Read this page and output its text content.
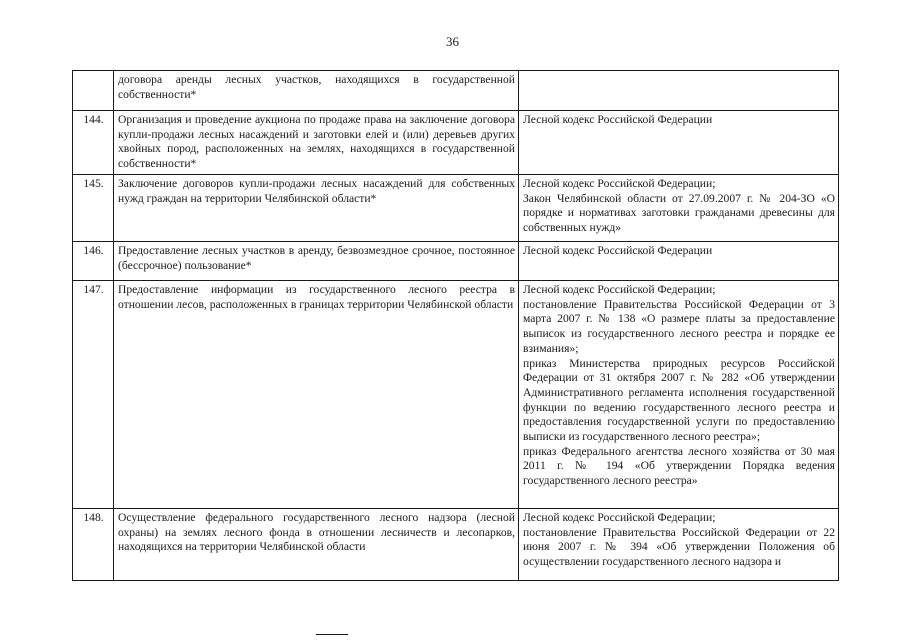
36
	договора аренды лесных участков, находящихся в государственной собственности*	
144.	Организация и проведение аукциона по продаже права на заключение договора купли-продажи лесных насаждений и заготовки елей и (или) деревьев других хвойных пород, расположенных на землях, находящихся в государственной собственности*	Лесной кодекс Российской Федерации

145.	Заключение договоров купли-продажи лесных насаждений для собственных нужд граждан на территории Челябинской области*	Лесной кодекс Российской Федерации;
Закон Челябинской области от 27.09.2007 г. № 204-ЗО «О порядке и нормативах заготовки гражданами древесины для собственных нужд»

146.	Предоставление лесных участков в аренду, безвозмездное срочное, постоянное (бессрочное) пользование*	Лесной кодекс Российской Федерации

147.	Предоставление информации из государственного лесного реестра в отношении лесов, расположенных в границах территории Челябинской области	Лесной кодекс Российской Федерации;
постановление Правительства Российской Федерации от 3 марта 2007 г. № 138 «О размере платы за предоставление выписок из государственного лесного реестра и порядке ее взимания»;
приказ Министерства природных ресурсов Российской Федерации от 31 октября 2007 г. № 282 «Об утверждении Административного регламента исполнения государственной функции по ведению государственного лесного реестра и предоставления государственной услуги по предоставлению выписки из государственного лесного реестра»;
приказ Федерального агентства лесного хозяйства от 30 мая 2011 г. № 194 «Об утверждении Порядка ведения государственного лесного реестра»

148.	Осуществление федерального государственного лесного надзора (лесной охраны) на землях лесного фонда в отношении лесничеств и лесопарков, находящихся на территории Челябинской области	Лесной кодекс Российской Федерации;
постановление Правительства Российской Федерации от 22 июня 2007 г. № 394 «Об утверждении Положения об осуществлении государственного лесного надзора и
